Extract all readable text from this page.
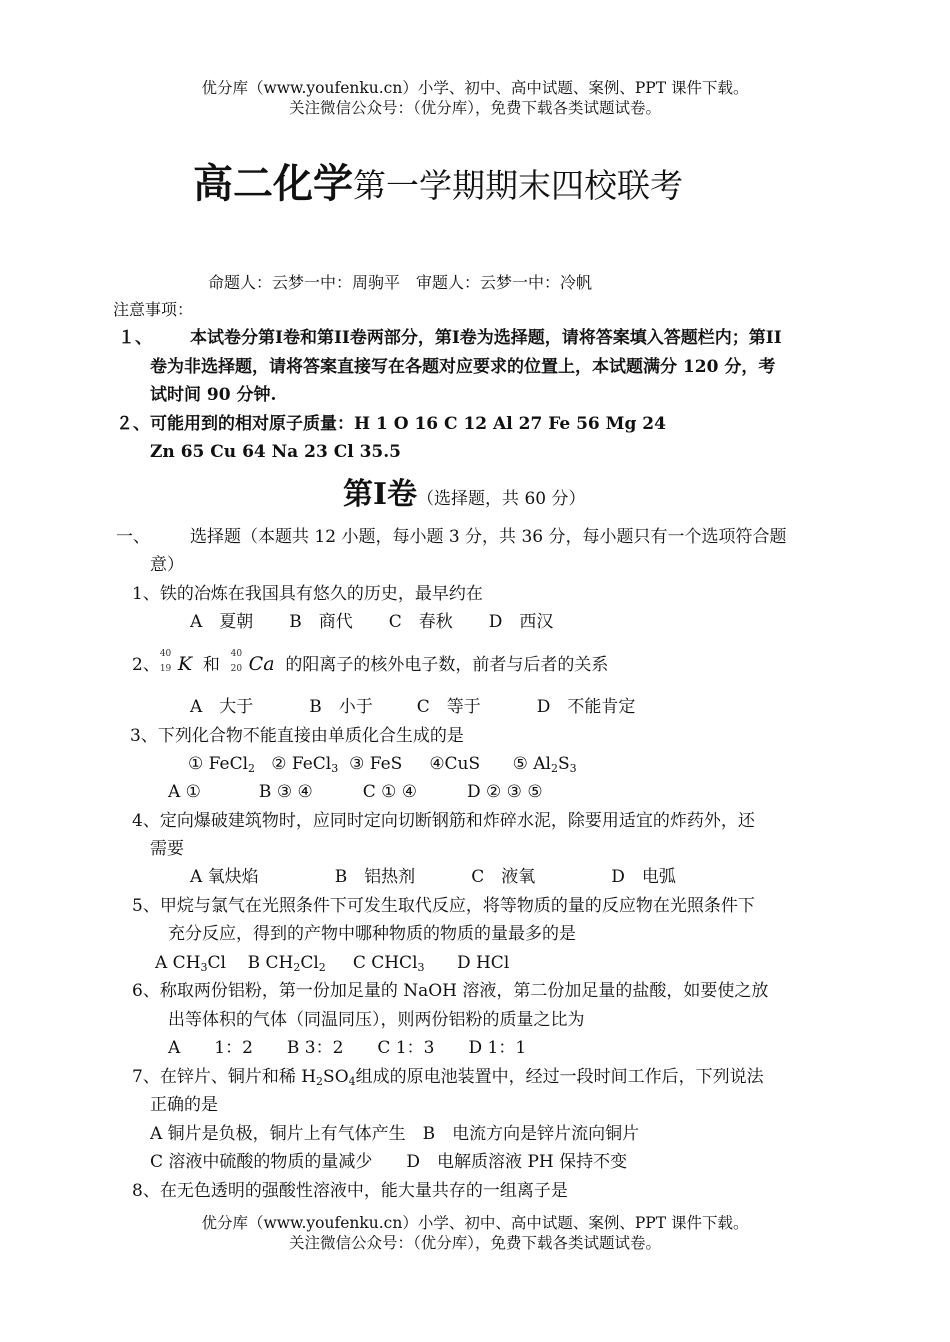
优分库（www.youfenku.cn）小学、初中、高中试题、案例、PPT 课件下载。
关注微信公众号：（优分库），免费下载各类试题试卷。
高二化学第一学期期末四校联考
命题人：云梦一中：周驹平　审题人：云梦一中：冷帆
注意事项：
１、 本试卷分第I卷和第II卷两部分，第I卷为选择题，请将答案填入答题栏内；第II
卷为非选择题，请将答案直接写在各题对应要求的位置上，本试题满分 120 分，考
试时间 90 分钟.
２、可能用到的相对原子质量：H 1 O 16 C 12 Al 27 Fe 56 Mg 24
Zn 65 Cu 64 Na 23 Cl 35.5
第I卷（选择题，共 60 分）
一、 选择题（本题共 12 小题，每小题 3 分，共 36 分，每小题只有一个选项符合题
意）
1、铁的冶炼在我国具有悠久的历史，最早约在
A　夏朝 B　商代 C　春秋 D　西汉
2、
40
19 K 和
40
20 Ca 的阳离子的核外电子数，前者与后者的关系
A　大于	B　小于	C　等于	D　不能肯定
3、下列化合物不能直接由单质化合生成的是
① FeCl$_2$ ② FeCl$_3$ ③ FeS ④CuS ⑤ $Al_2S_3$
A ①	B ③ ④	C ① ④	D ② ③ ⑤
4、定向爆破建筑物时，应同时定向切断钢筋和炸碎水泥，除要用适宜的炸药外，还
需要
A 氧炔焰	B　铝热剂	C　液氧	D　电弧
5、甲烷与氯气在光照条件下可发生取代反应，将等物质的量的反应物在光照条件下
充分反应，得到的产物中哪种物质的物质的量最多的是
A $CH_3Cl$ B $CH_2Cl_2$ C CHCl$_3$ D HCl
6、称取两份铝粉，第一份加足量的 NaOH 溶液，第二份加足量的盐酸，如要使之放
出等体积的气体（同温同压），则两份铝粉的质量之比为
A　　1：2　　B 3：2　　C 1：3　　D 1：1
7、在锌片、铜片和稀 $H_2SO_4$组成的原电池装置中，经过一段时间工作后，下列说法
正确的是
A 铜片是负极，铜片上有气体产生　B　电流方向是锌片流向铜片
C 溶液中硫酸的物质的量减少　　D　电解质溶液 PH 保持不变
8、在无色透明的强酸性溶液中，能大量共存的一组离子是
优分库（www.youfenku.cn）小学、初中、高中试题、案例、PPT 课件下载。
关注微信公众号：（优分库），免费下载各类试题试卷。
